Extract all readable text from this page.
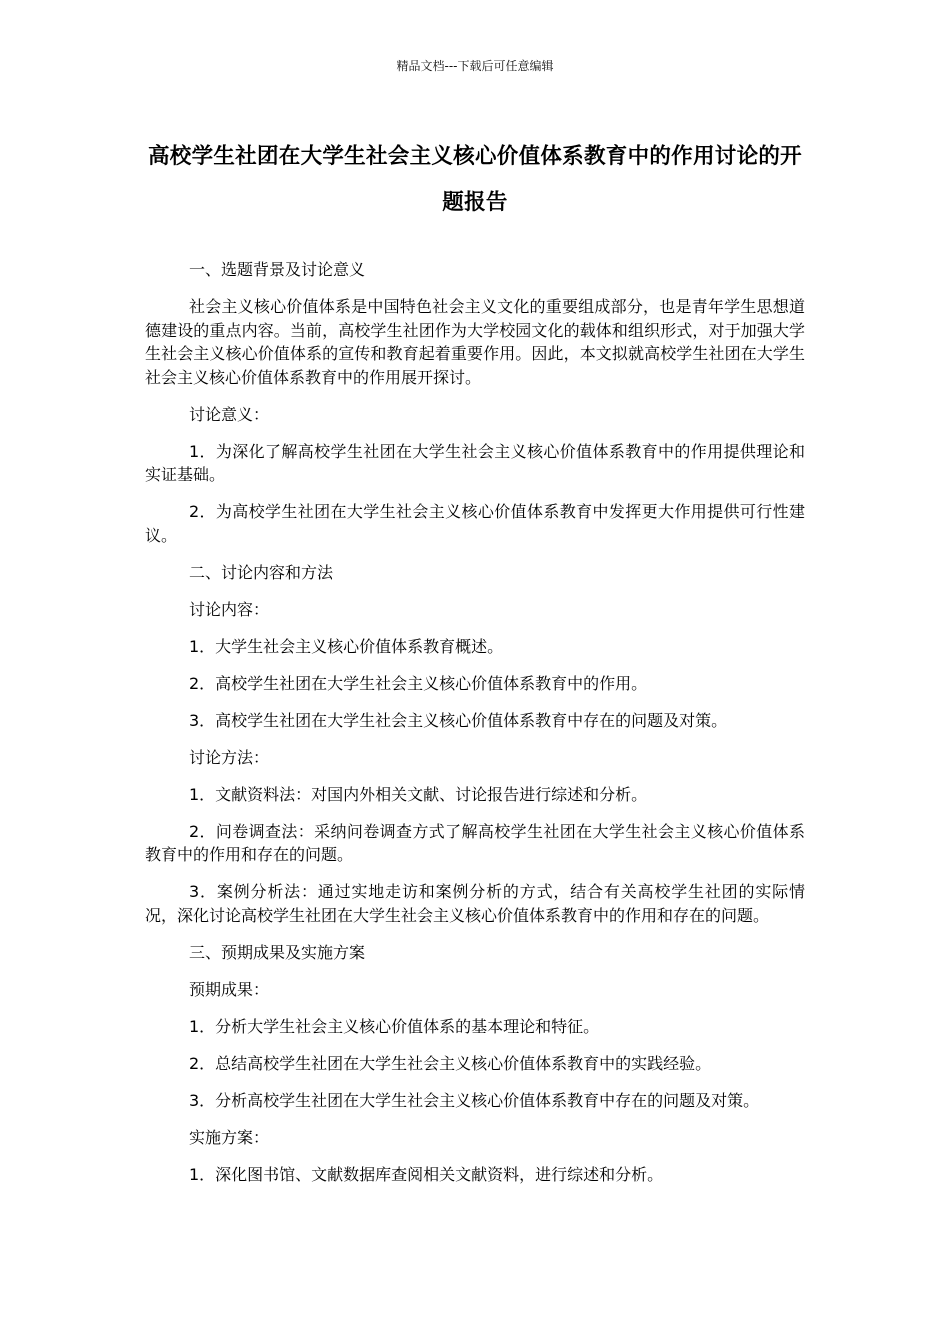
精品文档---下载后可任意编辑
高校学生社团在大学生社会主义核心价值体系教育中的作用讨论的开题报告

一、选题背景及讨论意义

社会主义核心价值体系是中国特色社会主义文化的重要组成部分，也是青年学生思想道德建设的重点内容。当前，高校学生社团作为大学校园文化的载体和组织形式，对于加强大学生社会主义核心价值体系的宣传和教育起着重要作用。因此，本文拟就高校学生社团在大学生社会主义核心价值体系教育中的作用展开探讨。

讨论意义：

1．为深化了解高校学生社团在大学生社会主义核心价值体系教育中的作用提供理论和实证基础。

2．为高校学生社团在大学生社会主义核心价值体系教育中发挥更大作用提供可行性建议。

二、讨论内容和方法

讨论内容：

1．大学生社会主义核心价值体系教育概述。

2．高校学生社团在大学生社会主义核心价值体系教育中的作用。

3．高校学生社团在大学生社会主义核心价值体系教育中存在的问题及对策。

讨论方法：

1．文献资料法：对国内外相关文献、讨论报告进行综述和分析。

2．问卷调查法：采纳问卷调查方式了解高校学生社团在大学生社会主义核心价值体系教育中的作用和存在的问题。

3．案例分析法：通过实地走访和案例分析的方式，结合有关高校学生社团的实际情况，深化讨论高校学生社团在大学生社会主义核心价值体系教育中的作用和存在的问题。

三、预期成果及实施方案

预期成果：

1．分析大学生社会主义核心价值体系的基本理论和特征。

2．总结高校学生社团在大学生社会主义核心价值体系教育中的实践经验。

3．分析高校学生社团在大学生社会主义核心价值体系教育中存在的问题及对策。

实施方案：

1．深化图书馆、文献数据库查阅相关文献资料，进行综述和分析。
